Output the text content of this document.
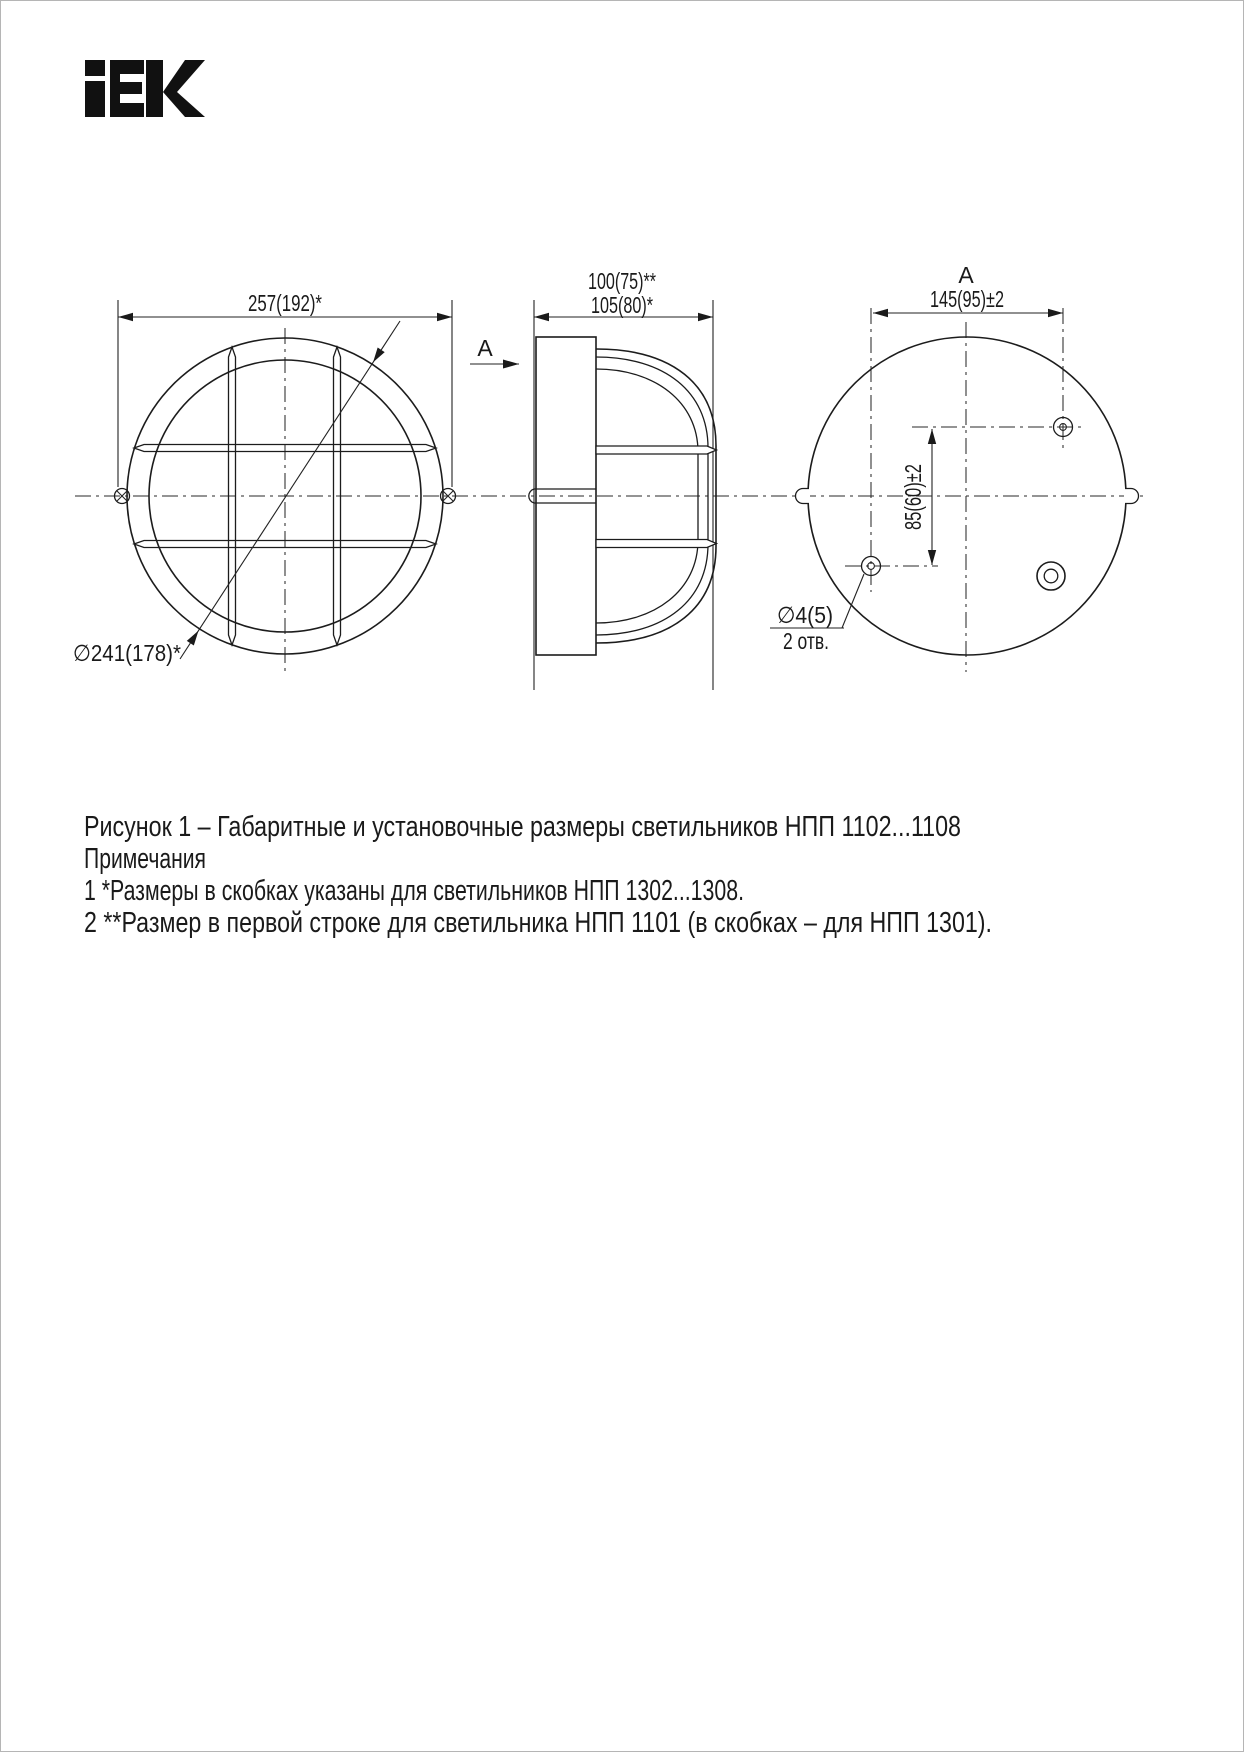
257(192)*
∅241(178)*
А
100(75)**
105(80)*
А
145(95)±2
85(60)±2
∅4(5)
2 отв.
Рисунок 1 – Габаритные и установочные размеры светильников НПП 1102...1108
Примечания
1 *Размеры в скобках указаны для светильников НПП 1302...1308.
2 **Размер в первой строке для светильника НПП 1101 (в скобках – для НПП 1301).
